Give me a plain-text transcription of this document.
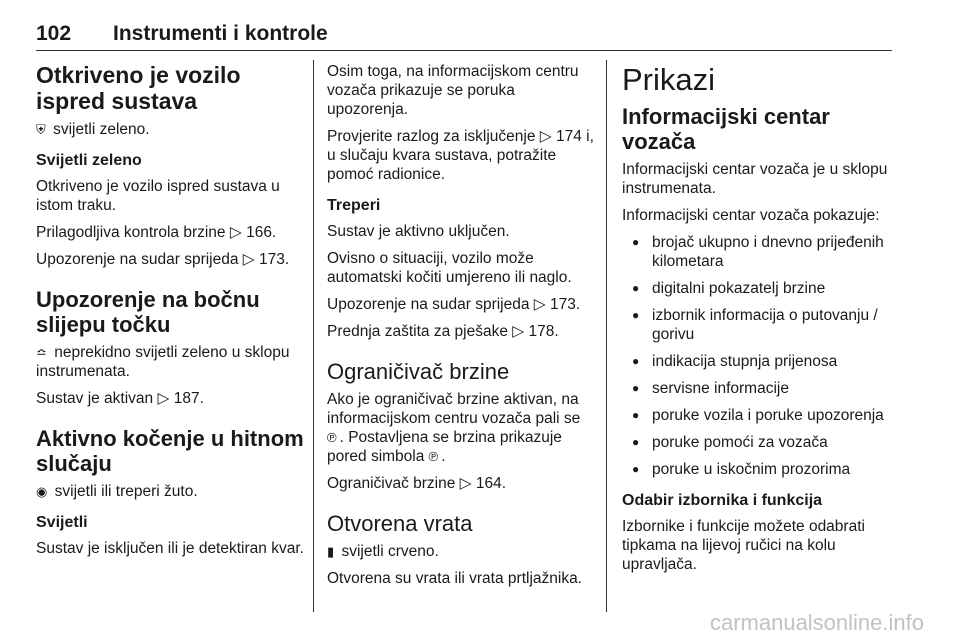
102 Instrumenti i kontrole
Otkriveno je vozilo ispred sustava

⛨ svijetli zeleno.

Svijetli zeleno

Otkriveno je vozilo ispred sustava u istom traku.

Prilagodljiva kontrola brzine ▷ 166.

Upozorenje na sudar sprijeda ▷ 173.

Upozorenje na bočnu slijepu točku

≏ neprekidno svijetli zeleno u sklopu instrumenata.

Sustav je aktivan ▷ 187.

Aktivno kočenje u hitnom slučaju

◉ svijetli ili treperi žuto.

Svijetli

Sustav je isključen ili je detektiran kvar.

Osim toga, na informacijskom centru vozača prikazuje se poruka upozorenja.

Provjerite razlog za isključenje ▷ 174 i, u slučaju kvara sustava, potražite pomoć radionice.

Treperi

Sustav je aktivno uključen.

Ovisno o situaciji, vozilo može automatski kočiti umjereno ili naglo.

Upozorenje na sudar sprijeda ▷ 173.

Prednja zaštita za pješake ▷ 178.

Ograničivač brzine

Ako je ograničivač brzine aktivan, na informacijskom centru vozača pali se ℗ . Postavljena se brzina prikazuje pored simbola ℗ .

Ograničivač brzine ▷ 164.

Otvorena vrata

▮ svijetli crveno.

Otvorena su vrata ili vrata prtljažnika.

Prikazi
Informacijski centar vozača

Informacijski centar vozača je u sklopu instrumenata.

Informacijski centar vozača pokazuje:

● brojač ukupno i dnevno prijeđenih kilometara
● digitalni pokazatelj brzine
● izbornik informacija o putovanju / gorivu
● indikacija stupnja prijenosa
● servisne informacije
● poruke vozila i poruke upozorenja
● poruke pomoći za vozača
● poruke u iskočnim prozorima
Odabir izbornika i funkcija

Izbornike i funkcije možete odabrati tipkama na lijevoj ručici na kolu upravljača.

carmanualsonline.info
